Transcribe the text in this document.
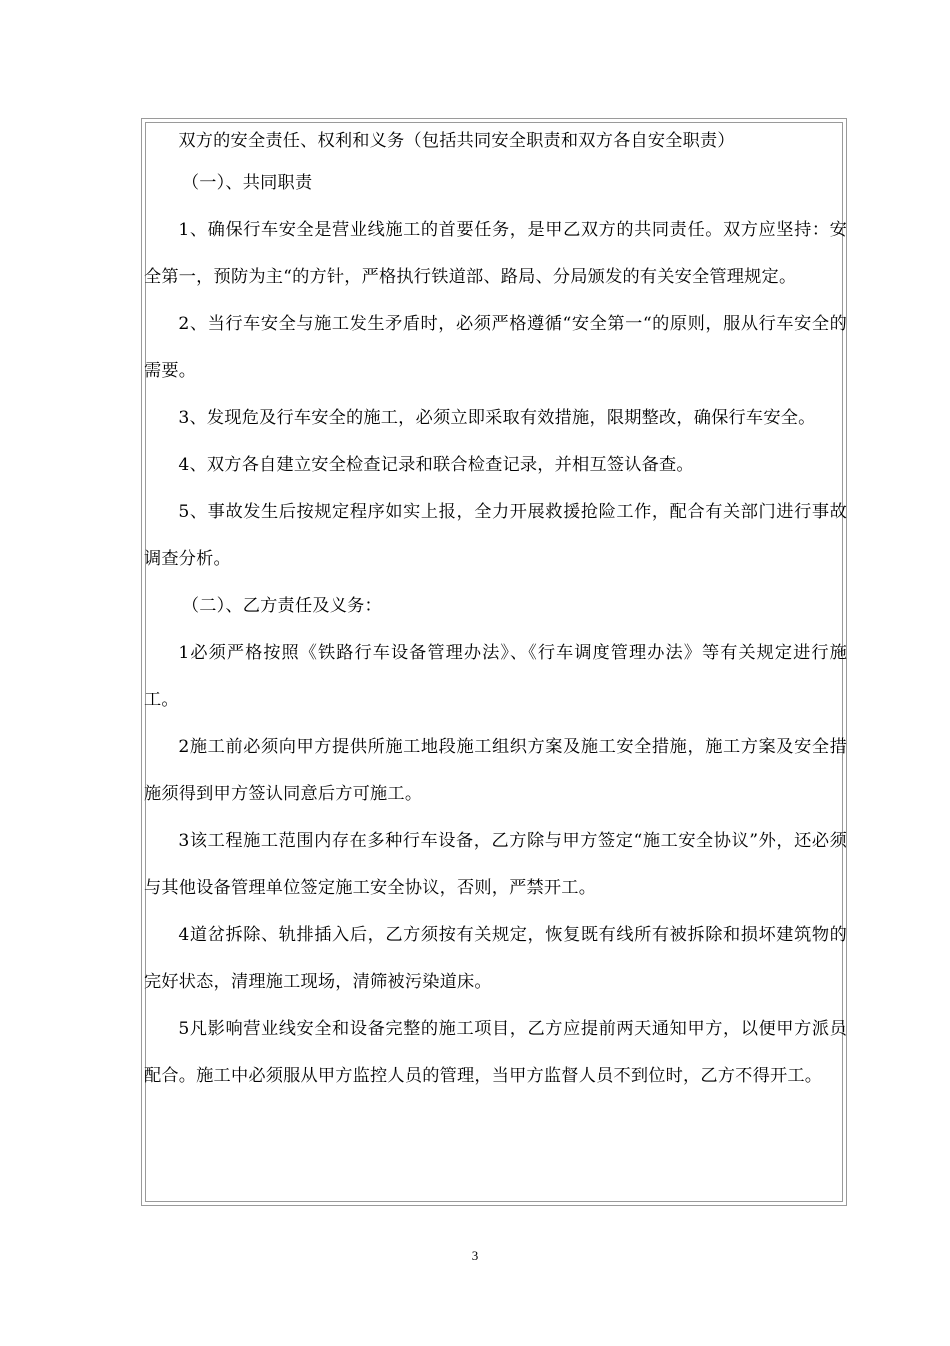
双方的安全责任、权利和义务（包括共同安全职责和双方各自安全职责）

（一）、共同职责

1、确保行车安全是营业线施工的首要任务，是甲乙双方的共同责任。双方应坚持：安全第一，预防为主“的方针，严格执行铁道部、路局、分局颁发的有关安全管理规定。

2、当行车安全与施工发生矛盾时，必须严格遵循“安全第一“的原则，服从行车安全的需要。

3、发现危及行车安全的施工，必须立即采取有效措施，限期整改，确保行车安全。

4、双方各自建立安全检查记录和联合检查记录，并相互签认备查。

5、事故发生后按规定程序如实上报，全力开展救援抢险工作，配合有关部门进行事故调查分析。

（二）、乙方责任及义务：

1必须严格按照《铁路行车设备管理办法》、《行车调度管理办法》等有关规定进行施工。

2施工前必须向甲方提供所施工地段施工组织方案及施工安全措施，施工方案及安全措施须得到甲方签认同意后方可施工。

3该工程施工范围内存在多种行车设备，乙方除与甲方签定“施工安全协议”外，还必须与其他设备管理单位签定施工安全协议，否则，严禁开工。

4道岔拆除、轨排插入后，乙方须按有关规定，恢复既有线所有被拆除和损坏建筑物的完好状态，清理施工现场，清筛被污染道床。

5凡影响营业线安全和设备完整的施工项目，乙方应提前两天通知甲方，以便甲方派员配合。施工中必须服从甲方监控人员的管理，当甲方监督人员不到位时，乙方不得开工。

3
